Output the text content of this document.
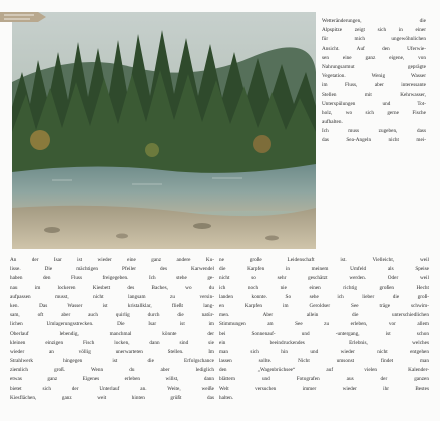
Wetteränderungen, die
Alpspitze zeigt sich in einer
für mich ungewöhnlichen
Ansicht. Auf den Uferwie-
sen eine ganz eigene, von
Nahrungsarmut geprägte
Vegetation. Wenig Wasser
im Fluss, aber interessante
Stellen mit Kehrwasser,
Unterspülungen und Tot-
holz, wo sich gerne Fische
aufhalten.
Ich muss zugeben, dass
das Sea-Angeln nicht mei-
An der Isar ist wieder eine ganz andere Ku-
lisse. Die mächtigen Pfeiler des Karwendel
haben den Fluss freigegeben. Ich stehe ge-
nau im lockeren Kiesbett des Baches, wo du
aufpassen musst, nicht langsam zu versin-
ken. Das Wasser ist kristallklar, fließt lang-
sam, oft aber auch quirlig durch die natür-
lichen Umlagerungsstrecken. Die Isar ist im
Oberlauf lebendig, manchmal könnte der
kleinen einzigen Fisch locken, dann sind sie
wieder an völlig unerwarteten Stellen. Im
Strahlwerk hingegen ist die Erfolgschance
ziemlich groß. Wenn du aber lediglich
etwas ganz Eigenes erleben willst, dann
bietet sich der Unterlauf an. Weite, weiße
Kiesflächen, ganz weit hinten grüßt das
ne große Leidenschaft ist. Vielleicht, weil
die Karpfen in meinem Umfeld als Speise
nicht so sehr geschätzt werden. Oder weil
ich noch nie einen richtig großen Hecht
landen konnte. So sehe ich lieber die groß-
en Karpfen im Geroldser See träge schwim-
men. Aber allein die unterschiedlichen
Stimmungen am See zu erleben, vor allem
bei Sonnenauf- und -untergang, ist schon
ein beeindruckendes Erlebnis, welches
man sich hin und wieder nicht entgehen
lassen sollte. Nicht umsonst findet man
den „Wagenbrüchsee“ auf vielen Kalender-
blättern und Fotografen aus der ganzen
Welt versuchen immer wieder ihr Bestes
halten.
